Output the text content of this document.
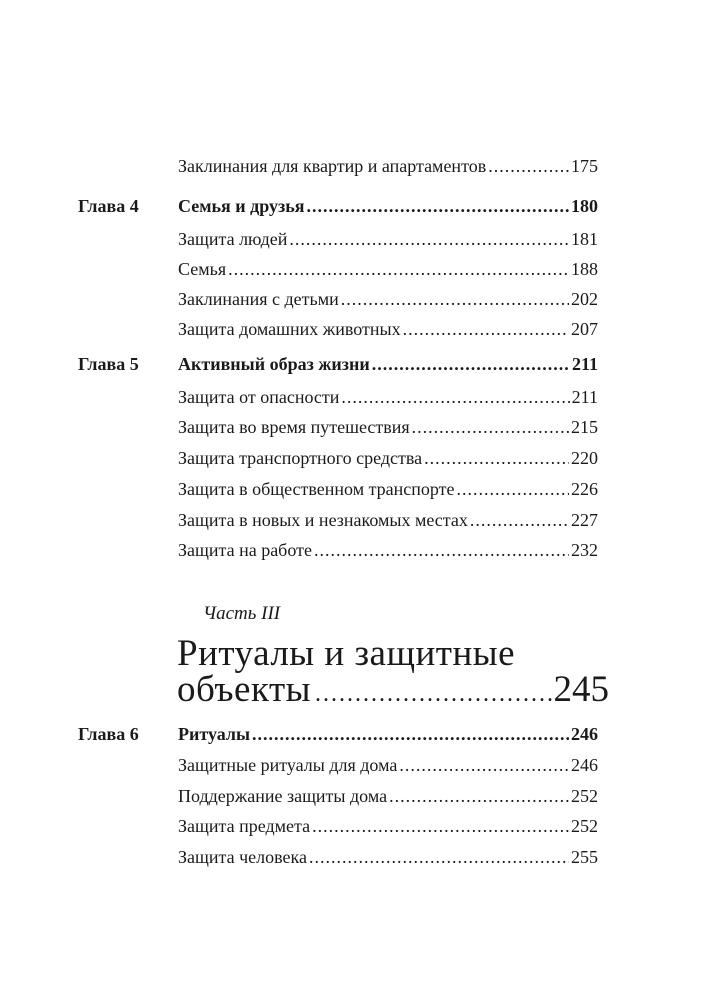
Заклинания для квартир и апартаментов .....	175
Глава 4 Семья и друзья .....	180
Защита людей .....	181
Семья .....	188
Заклинания с детьми .....	202
Защита домашних животных .....	207
Глава 5 Активный образ жизни .....	211
Защита от опасности .....	211
Защита во время путешествия .....	215
Защита транспортного средства .....	220
Защита в общественном транспорте .....	226
Защита в новых и незнакомых местах .....	227
Защита на работе .....	232
Часть III
Ритуалы и защитные
объекты .....	245
Глава 6 Ритуалы .....	246
Защитные ритуалы для дома .....	246
Поддержание защиты дома .....	252
Защита предмета .....	252
Защита человека .....	255
